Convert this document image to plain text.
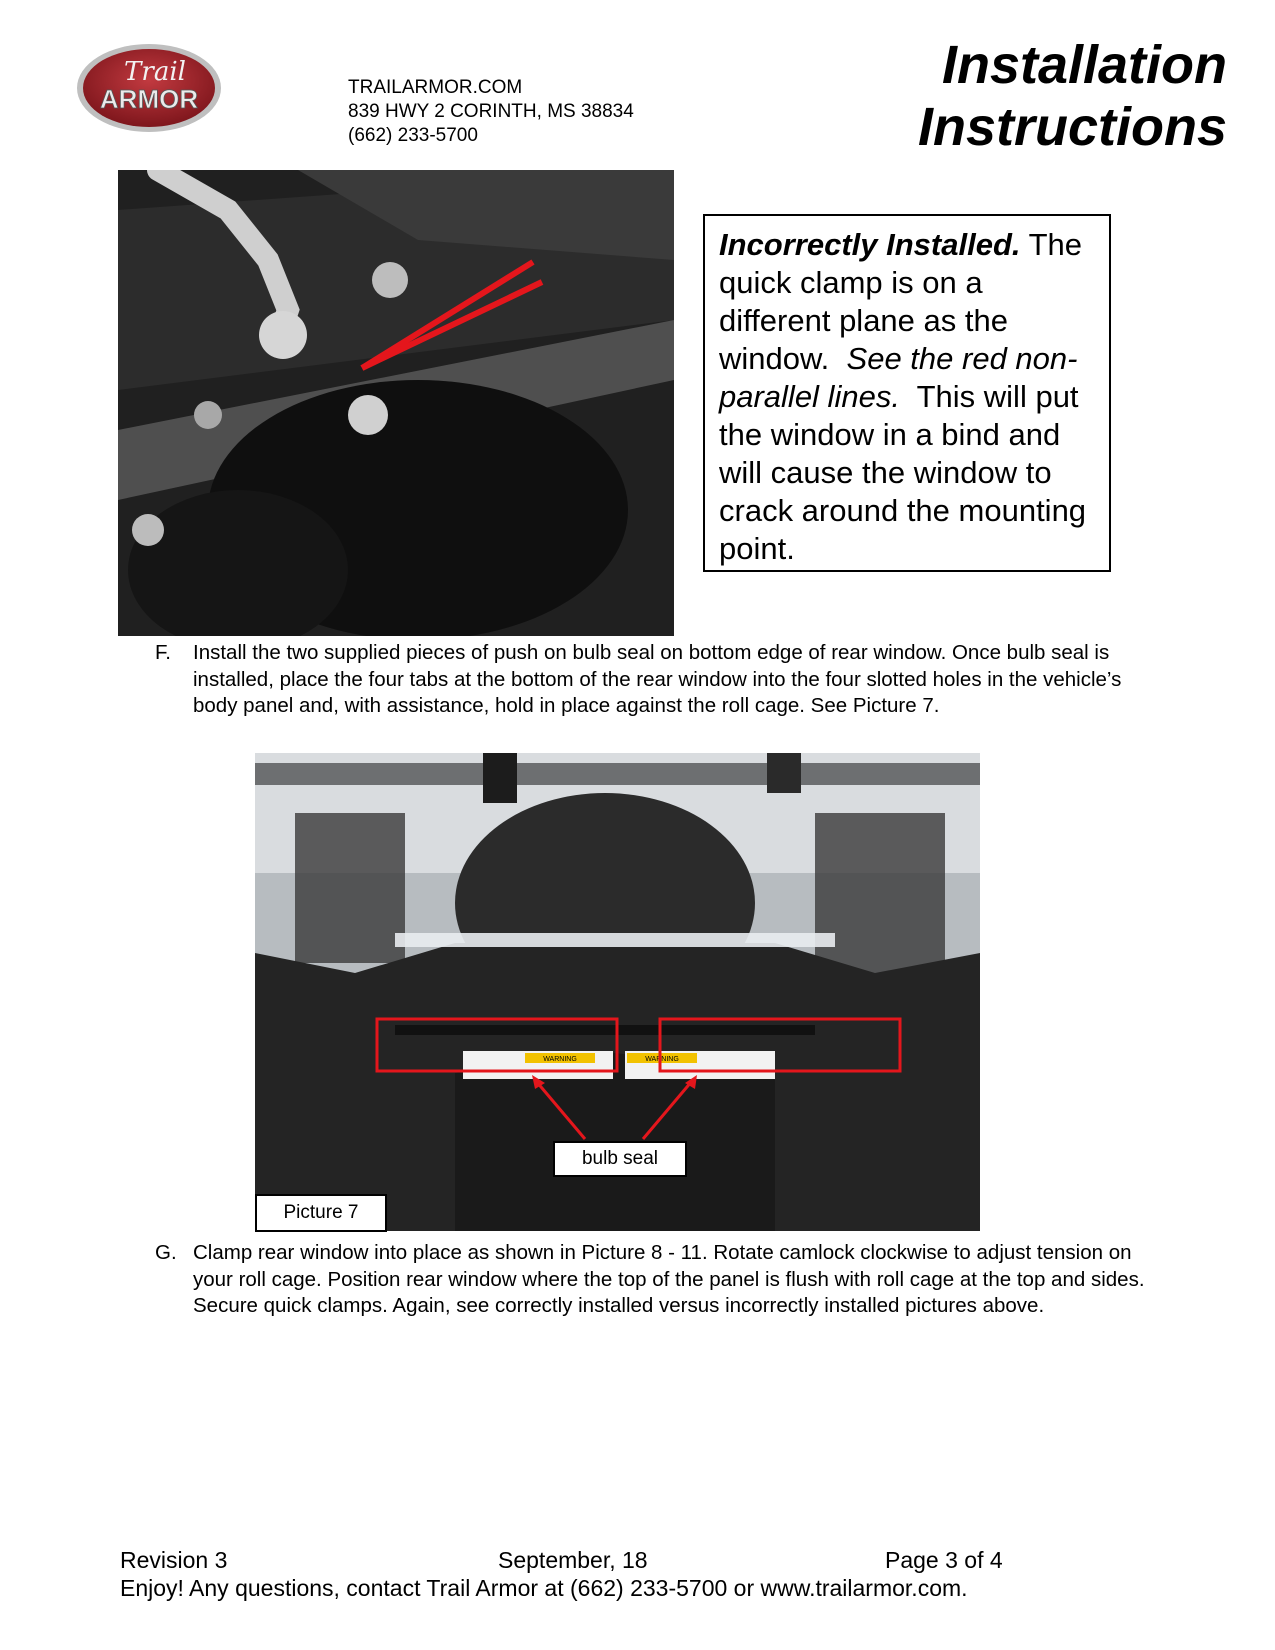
Trail
ARMOR	TRAILARMOR.COM
839 HWY 2 CORINTH, MS 38834
(662) 233-5700
Installation
Instructions
Incorrectly Installed. The quick clamp is on a different plane as the window. See the red non-parallel lines. This will put the window in a bind and will cause the window to crack around the mounting point.
F.	Install the two supplied pieces of push on bulb seal on bottom edge of rear window. Once bulb seal is installed, place the four tabs at the bottom of the rear window into the four slotted holes in the vehicle’s body panel and, with assistance, hold in place against the roll cage. See Picture 7.
WARNING	WARNING
bulb seal
Picture 7
G. Clamp rear window into place as shown in Picture 8 - 11. Rotate camlock clockwise to adjust tension on your roll cage. Position rear window where the top of the panel is flush with roll cage at the top and sides. Secure quick clamps. Again, see correctly installed versus incorrectly installed pictures above.
Revision 3	September, 18	Page 3 of 4
Enjoy! Any questions, contact Trail Armor at (662) 233-5700 or www.trailarmor.com.
